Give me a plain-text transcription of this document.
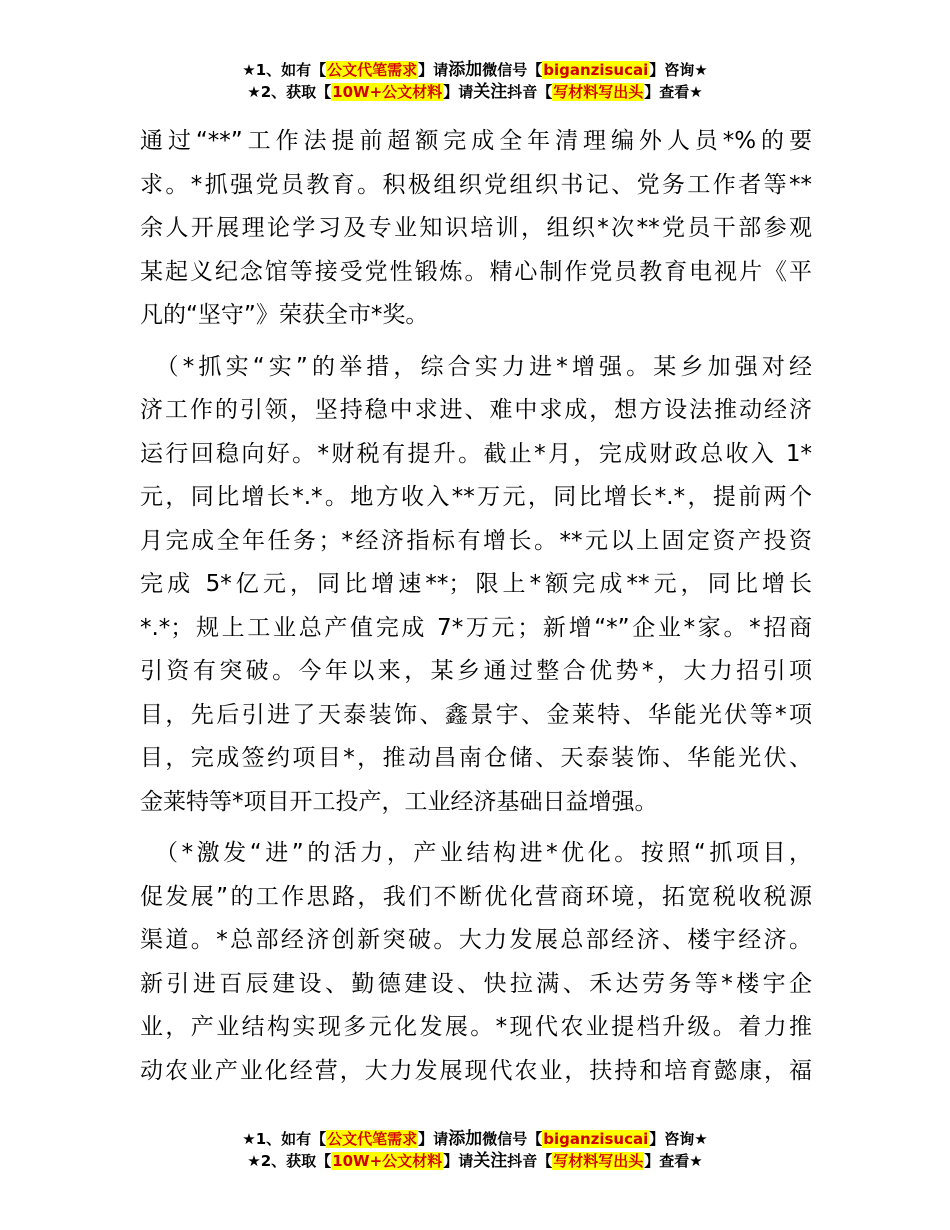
★1、如有【公文代笔需求】请添加微信号【biganzisucai】咨询★
★2、获取【10W+公文材料】请关注抖音【写材料写出头】查看★

通过“**”工作法提前超额完成全年清理编外人员*%的要

求。*抓强党员教育。积极组织党组织书记、党务工作者等**

余人开展理论学习及专业知识培训，组织*次**党员干部参观

某起义纪念馆等接受党性锻炼。精心制作党员教育电视片《平

凡的“坚守”》荣获全市*奖。

　（*抓实“实”的举措，综合实力进*增强。某乡加强对经

济工作的引领，坚持稳中求进、难中求成，想方设法推动经济

运行回稳向好。*财税有提升。截止*月，完成财政总收入 1*

元，同比增长*.*。地方收入**万元，同比增长*.*，提前两个

月完成全年任务；*经济指标有增长。**元以上固定资产投资

完成 5*亿元，同比增速**；限上*额完成**元，同比增长

*.*；规上工业总产值完成 7*万元；新增“*”企业*家。*招商

引资有突破。今年以来，某乡通过整合优势*，大力招引项

目，先后引进了天泰装饰、鑫景宇、金莱特、华能光伏等*项

目，完成签约项目*，推动昌南仓储、天泰装饰、华能光伏、

金莱特等*项目开工投产，工业经济基础日益增强。

　（*激发“进”的活力，产业结构进*优化。按照“抓项目，

促发展”的工作思路，我们不断优化营商环境，拓宽税收税源

渠道。*总部经济创新突破。大力发展总部经济、楼宇经济。

新引进百辰建设、勤德建设、快拉满、禾达劳务等*楼宇企

业，产业结构实现多元化发展。*现代农业提档升级。着力推

动农业产业化经营，大力发展现代农业，扶持和培育懿康，福

★1、如有【公文代笔需求】请添加微信号【biganzisucai】咨询★
★2、获取【10W+公文材料】请关注抖音【写材料写出头】查看★
